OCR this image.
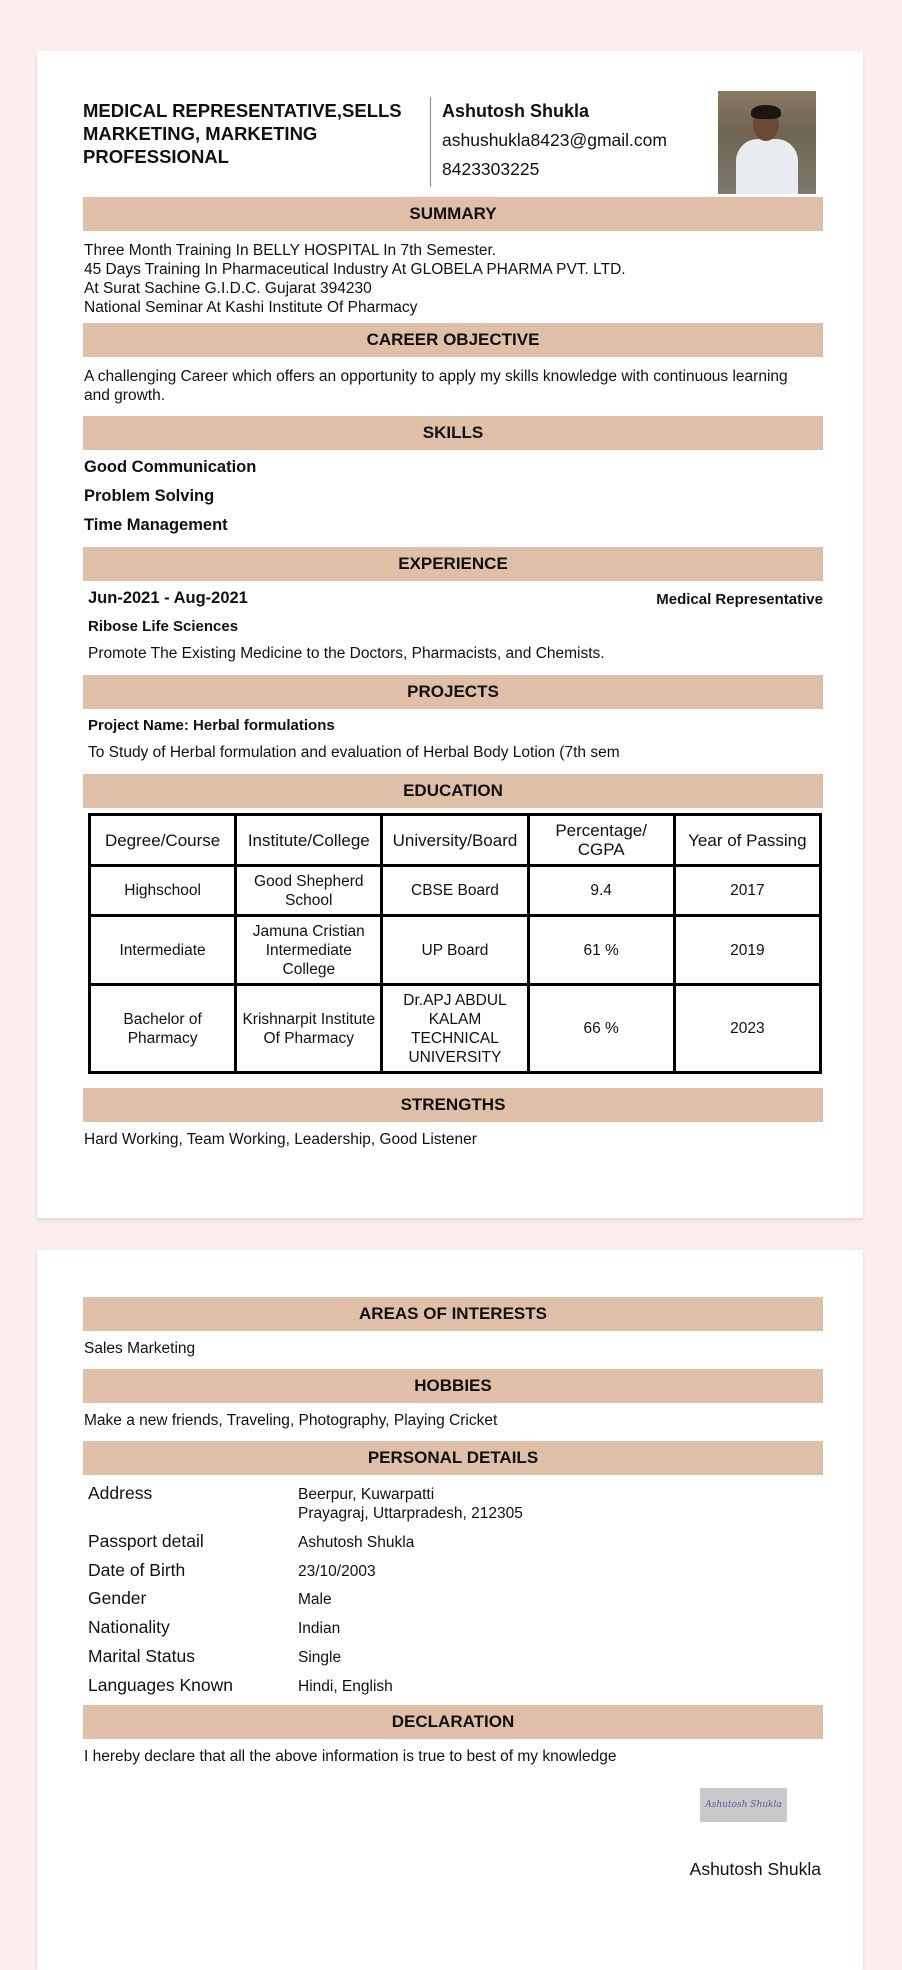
MEDICAL REPRESENTATIVE,SELLS MARKETING, MARKETING PROFESSIONAL
Ashutosh Shukla
ashushukla8423@gmail.com
8423303225
SUMMARY
Three Month Training In BELLY HOSPITAL In 7th Semester.
45 Days Training In Pharmaceutical Industry At GLOBELA PHARMA PVT. LTD.
At Surat Sachine G.I.D.C. Gujarat 394230
National Seminar At Kashi Institute Of Pharmacy
CAREER OBJECTIVE
A challenging Career which offers an opportunity to apply my skills knowledge with continuous learning and growth.
SKILLS
Good Communication
Problem Solving
Time Management
EXPERIENCE
Jun-2021 - Aug-2021	Medical Representative
Ribose Life Sciences
Promote The Existing Medicine to the Doctors, Pharmacists, and Chemists.
PROJECTS
Project Name: Herbal formulations
To Study of Herbal formulation and evaluation of Herbal Body Lotion (7th sem
EDUCATION
Degree/Course	Institute/College	University/Board	Percentage/ CGPA	Year of Passing
Highschool	Good Shepherd School	CBSE Board	9.4	2017
Intermediate	Jamuna Cristian Intermediate College	UP Board	61 %	2019
Bachelor of Pharmacy	Krishnarpit Institute Of Pharmacy	Dr.APJ ABDUL KALAM TECHNICAL UNIVERSITY	66 %	2023
STRENGTHS
Hard Working, Team Working, Leadership, Good Listener
AREAS OF INTERESTS
Sales Marketing
HOBBIES
Make a new friends, Traveling, Photography, Playing Cricket
PERSONAL DETAILS
Address	Beerpur, Kuwarpatti
Prayagraj, Uttarpradesh, 212305
Passport detail	Ashutosh Shukla
Date of Birth	23/10/2003
Gender	Male
Nationality	Indian
Marital Status	Single
Languages Known	Hindi, English
DECLARATION
I hereby declare that all the above information is true to best of my knowledge
Ashutosh Shukla
Ashutosh Shukla
